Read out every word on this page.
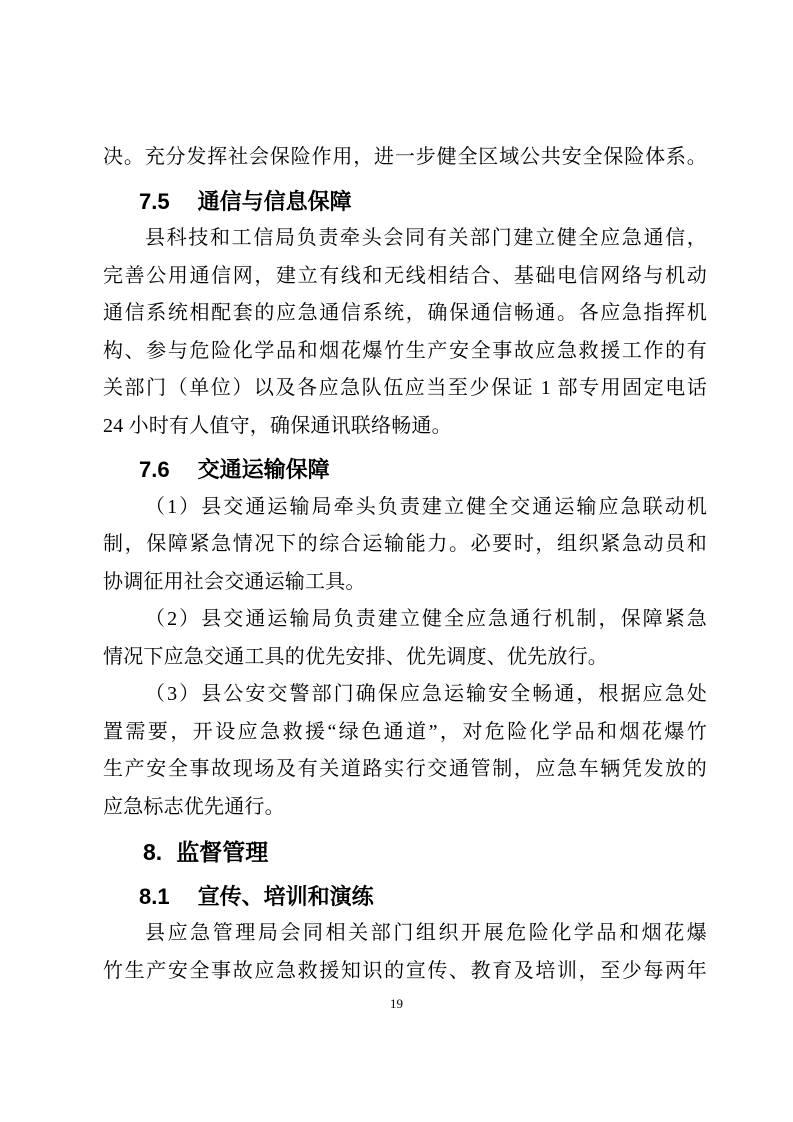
决。充分发挥社会保险作用，进一步健全区域公共安全保险体系。
7.5 通信与信息保障
县科技和工信局负责牵头会同有关部门建立健全应急通信，
完善公用通信网，建立有线和无线相结合、基础电信网络与机动
通信系统相配套的应急通信系统，确保通信畅通。各应急指挥机
构、参与危险化学品和烟花爆竹生产安全事故应急救援工作的有
关部门（单位）以及各应急队伍应当至少保证 1 部专用固定电话
24 小时有人值守，确保通讯联络畅通。
7.6 交通运输保障
（1）县交通运输局牵头负责建立健全交通运输应急联动机
制，保障紧急情况下的综合运输能力。必要时，组织紧急动员和
协调征用社会交通运输工具。
（2）县交通运输局负责建立健全应急通行机制，保障紧急
情况下应急交通工具的优先安排、优先调度、优先放行。
（3）县公安交警部门确保应急运输安全畅通，根据应急处
置需要，开设应急救援“绿色通道”，对危险化学品和烟花爆竹
生产安全事故现场及有关道路实行交通管制，应急车辆凭发放的
应急标志优先通行。
8. 监督管理
8.1 宣传、培训和演练
县应急管理局会同相关部门组织开展危险化学品和烟花爆
竹生产安全事故应急救援知识的宣传、教育及培训，至少每两年
19
